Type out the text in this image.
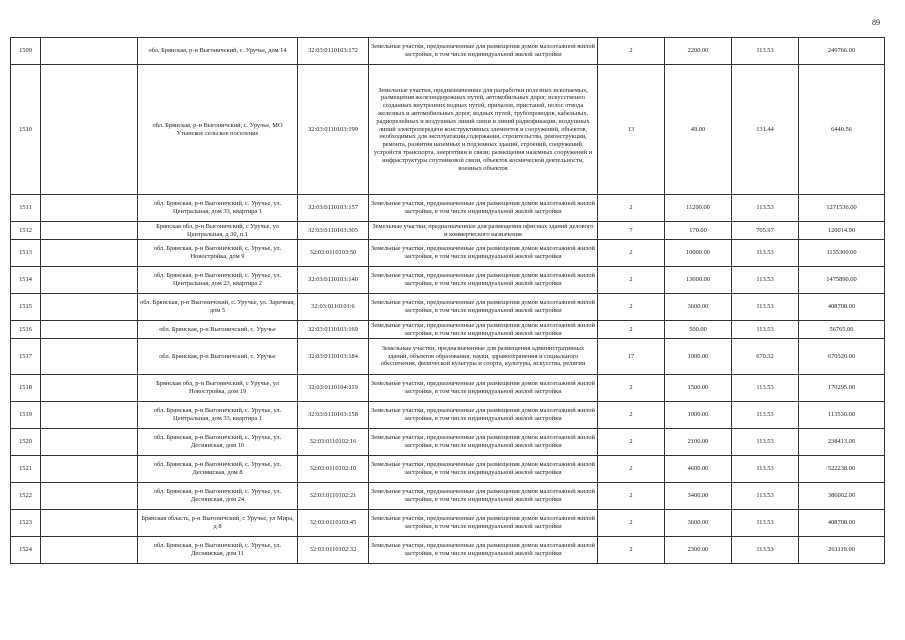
89
1509		обл. Брянская, р-н Выгоничский, с. Уручье, дом 14	32:03:0110103:172	Земельные участки, предназначенные для размещения домов малоэтажной жилой застройки, в том числе индивидуальной жилой застройки	2	2200.00	113.53	249766.00
1510		обл. Брянская, р-н Выгоничский, с. Уручье, МО Утынское сельское поселение	32:03:0110103:199	Земельные участки, предназначенные для разработки полезных ископаемых, размещения железнодорожных путей, автомобильных дорог, искусственно созданных внутренних водных путей, причалов, пристаней, полос отвода железных и автомобильных дорог, водных путей, трубопроводов, кабельных, радиорелейных и воздушных линий связи и линий радиофикации, воздушных линий электропередачи конструктивных элементов и сооружений, объектов, необходимых для эксплуатации,содержания, строительства, реконструкции, ремонта, развития наземных и подземных зданий, строений, сооружений, устройств транспорта, энергетики и связи; размещения наземных сооружений и инфраструктуры спутниковой связи, объектов космической деятельности, военных объектов	13	49.00	131.44	6440.56
1511		обл. Брянская, р-н Выгоничский, с. Уручье, ул. Центральная, дом 33, квартира 1	32:03:0110103:157	Земельные участки, предназначенные для размещения домов малоэтажной жилой застройки, в том числе индивидуальной жилой застройки	2	11200.00	113.53	1271536.00
1512		Брянская обл, р-н Выгоничский, с Уручье, ул Центральная, д 30, п.1	32:03:0110103:305	Земельные участки, предназначенные для размещения офисных зданий делового и коммерческого назначения	7	170.00	705.97	120014.90
1513		обл. Брянская, р-н Выгоничский, с. Уручье, ул. Новостройка, дом 9	32:03:0110103:50	Земельные участки, предназначенные для размещения домов малоэтажной жилой застройки, в том числе индивидуальной жилой застройки	2	10000.00	113.53	1135300.00
1514		обл. Брянская, р-н Выгоничский, с. Уручье, ул. Центральная, дом 23, квартира 2	32:03:0110103:140	Земельные участки, предназначенные для размещения домов малоэтажной жилой застройки, в том числе индивидуальной жилой застройки	2	13000.00	113.53	1475890.00
1515		обл. Брянская, р-н Выгоничский, с. Уручье, ул. Заречная, дом 5	32:03:0110101:6	Земельные участки, предназначенные для размещения домов малоэтажной жилой застройки, в том числе индивидуальной жилой застройки	2	3600.00	113.53	408708.00
1516		обл. Брянская, р-н Выгоничский, с. Уручье	32:03:0110103:169	Земельные участки, предназначенные для размещения домов малоэтажной жилой застройки, в том числе индивидуальной жилой застройки	2	500.00	113.53	56765.00
1517		обл. Брянская, р-н Выгоничский, с. Уручье	32:03:0110103:184	Земельные участки, предназначенные для размещения административных зданий, объектов образования, науки, здравоохранения и социального обеспечения, физической культуры и спорта, культуры, искусства, религии	17	1000.00	670.32	670320.00
1518		Брянская обл, р-н Выгоничский, с Уручье, ул Новостройка, дом 19	32:03:0110104:119	Земельные участки, предназначенные для размещения домов малоэтажной жилой застройки, в том числе индивидуальной жилой застройки	2	1500.00	113.53	170295.00
1519		обл. Брянская, р-н Выгоничский, с. Уручье, ул. Центральная, дом 33, квартира 1	32:03:0110103:158	Земельные участки, предназначенные для размещения домов малоэтажной жилой застройки, в том числе индивидуальной жилой застройки	2	1000.00	113.53	113530.00
1520		обл. Брянская, р-н Выгоничский, с. Уручье, ул. Десняиская, дом 16	32:03:0110102:16	Земельные участки, предназначенные для размещения домов малоэтажной жилой застройки, в том числе индивидуальной жилой застройки	2	2100.00	113.53	238413.00
1521		обл. Брянская, р-н Выгоничский, с. Уручье, ул. Десняиская, дом 8	32:03:0110102:10	Земельные участки, предназначенные для размещения домов малоэтажной жилой застройки, в том числе индивидуальной жилой застройки	2	4600.00	113.53	522238.00
1522		обл. Брянская, р-н Выгоничский, с. Уручье, ул. Десняиская, дом 24	32:03:0110102:21	Земельные участки, предназначенные для размещения домов малоэтажной жилой застройки, в том числе индивидуальной жилой застройки	2	3400.00	113.53	386002.00
1523		Брянская область, р-н Выгоничский, с Уручье, ул Мира, д 8	32:03:0110103:45	Земельные участки, предназначенные для размещения домов малоэтажной жилой застройки, в том числе индивидуальной жилой застройки	2	3600.00	113.53	408708.00
1524		обл. Брянская, р-н Выгоничский, с. Уручье, ул. Десняиская, дом 11	32:03:0110102:32	Земельные участки, предназначенные для размещения домов малоэтажной жилой застройки, в том числе индивидуальной жилой застройки	2	2300.00	113.53	261119.00
